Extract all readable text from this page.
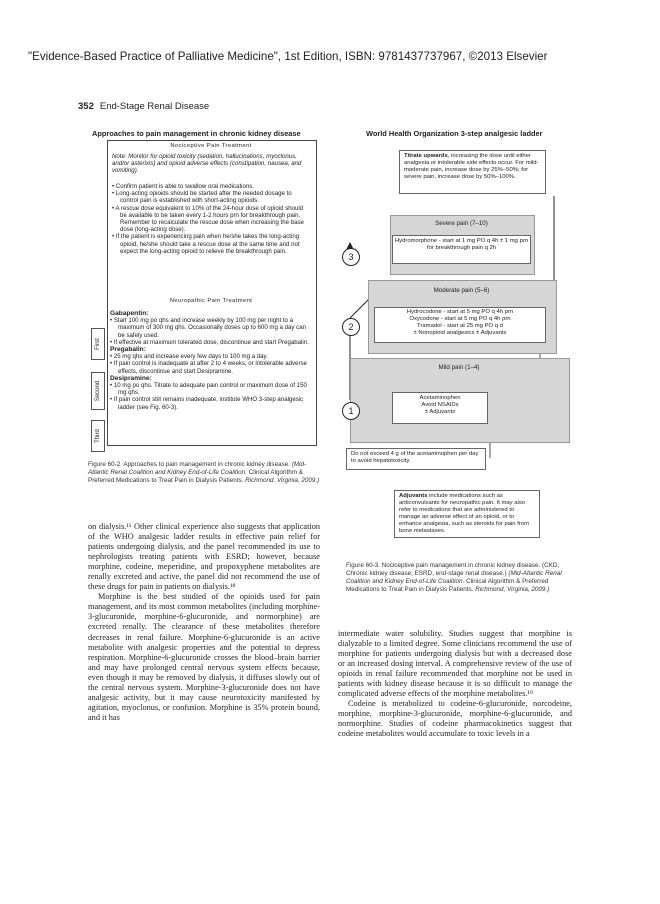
"Evidence-Based Practice of Palliative Medicine", 1st Edition, ISBN: 9781437737967, ©2013 Elsevier
352 End-Stage Renal Disease
Approaches to pain management in chronic kidney disease
Nociceptive Pain Treatment
Note: Monitor for opioid toxicity (sedation, hallucinations, myoclonus, and/or asterixis) and opioid adverse effects (constipation, nausea, and vomiting).

• Confirm patient is able to swallow oral medications.

• Long-acting opioids should be started after the needed dosage to control pain is established with short-acting opioids.

• A rescue dose equivalent to 10% of the 24-hour dose of opioid should be available to be taken every 1-2 hours prn for breakthrough pain. Remember to recalculate the rescue dose when increasing the base dose (long-acting dose).

• If the patient is experiencing pain when he/she takes the long-acting opioid, he/she should take a rescue dose at the same time and not expect the long-acting opioid to relieve the breakthrough pain.

Neuropathic Pain Treatment
First
Second
Third
Gabapentin:

• Start 100 mg po qhs and increase weekly by 100 mg per night to a maximum of 300 mg qhs. Occasionally doses up to 600 mg a day can be safely used.

• If effective at maximum tolerated dose, discontinue and start Pregabalin.

Pregabalin:

• 25 mg qhs and increase every few days to 100 mg a day.

• If pain control is inadequate at after 2 to 4 weeks, or intolerable adverse effects, discontinue and start Desipramine.

Desipramine:

• 10 mg po qhs. Titrate to adequate pain control or maximum dose of 150 mg qhs.

• If pain control still remains inadequate, institute WHO 3-step analgesic ladder (see Fig. 60-3).

Figure 60-2. Approaches to pain management in chronic kidney disease. (Mid-Atlantic Renal Coalition and Kidney End-of-Life Coalition. Clinical Algorithm & Preferred Medications to Treat Pain in Dialysis Patients. Richmond, Virginia, 2009.)
World Health Organization 3-step analgesic ladder
Titrate upwards, increasing the dose until either analgesia or intolerable side effects occur. For mild-moderate pain, increase dose by 25%–50%; for severe pain, increase dose by 50%–100%.
Severe pain (7–10)
Hydromorphone - start at 1 mg PO q 4h ± 1 mg prn for breakthrough pain q 2h
Moderate pain (5–6)
Hydrocodone - start at 5 mg PO q 4h prn
Oxycodone - start at 5 mg PO q 4h prn
Tramadol - start at 25 mg PO q d
± Nonopioid analgesics ± Adjuvants
Mild pain (1–4)
Acetaminophen
Avoid NSAIDs
± Adjuvants
Do not exceed 4 g of the acetaminophen per day to avoid hepatotoxicity.
Adjuvants include medications such as anticonvulsants for neuropathic pain. It may also refer to medications that are administered to manage an adverse effect of an opioid, or to enhance analgesia, such as steroids for pain from bone metastases.
3
2
1
Figure 60-3. Nociceptive pain management in chronic kidney disease. (CKD, Chronic kidney disease; ESRD, end-stage renal disease.) (Mid-Atlantic Renal Coalition and Kidney End-of-Life Coalition. Clinical Algorithm & Preferred Medications to Treat Pain in Dialysis Patients. Richmond, Virginia, 2009.)

on dialysis.¹¹ Other clinical experience also suggests that application of the WHO analgesic ladder results in effective pain relief for patients undergoing dialysis, and the panel recommended its use to nephrologists treating patients with ESRD; however, because morphine, codeine, meperidine, and propoxyphene metabolites are renally excreted and active, the panel did not recommend the use of these drugs for pain in patients on dialysis.¹⁸

Morphine is the best studied of the opioids used for pain management, and its most common metabolites (including morphine-3-glucuronide, morphine-6-glucuronide, and normorphine) are excreted renally. The clearance of these metabolites therefore decreases in renal failure. Morphine-6-glucuronide is an active metabolite with analgesic properties and the potential to depress respiration. Morphine-6-glucuronide crosses the blood–brain barrier and may have prolonged central nervous system effects because, even though it may be removed by dialysis, it diffuses slowly out of the central nervous system. Morphine-3-glucuronide does not have analgesic activity, but it may cause neurotoxicity manifested by agitation, myoclonus, or confusion. Morphine is 35% protein bound, and it has

intermediate water solubility. Studies suggest that morphine is dialyzable to a limited degree. Some clinicians recommend the use of morphine for patients undergoing dialysis but with a decreased dose or an increased dosing interval. A comprehensive review of the use of opioids in renal failure recommended that morphine not be used in patients with kidney disease because it is so difficult to manage the complicated adverse effects of the morphine metabolites.¹⁹

Codeine is metabolized to codeine-6-glucuronide, norcodeine, morphine, morphine-3-glucuronide, morphine-6-glucuronide, and normorphine. Studies of codeine pharmacokinetics suggest that codeine metabolites would accumulate to toxic levels in a
